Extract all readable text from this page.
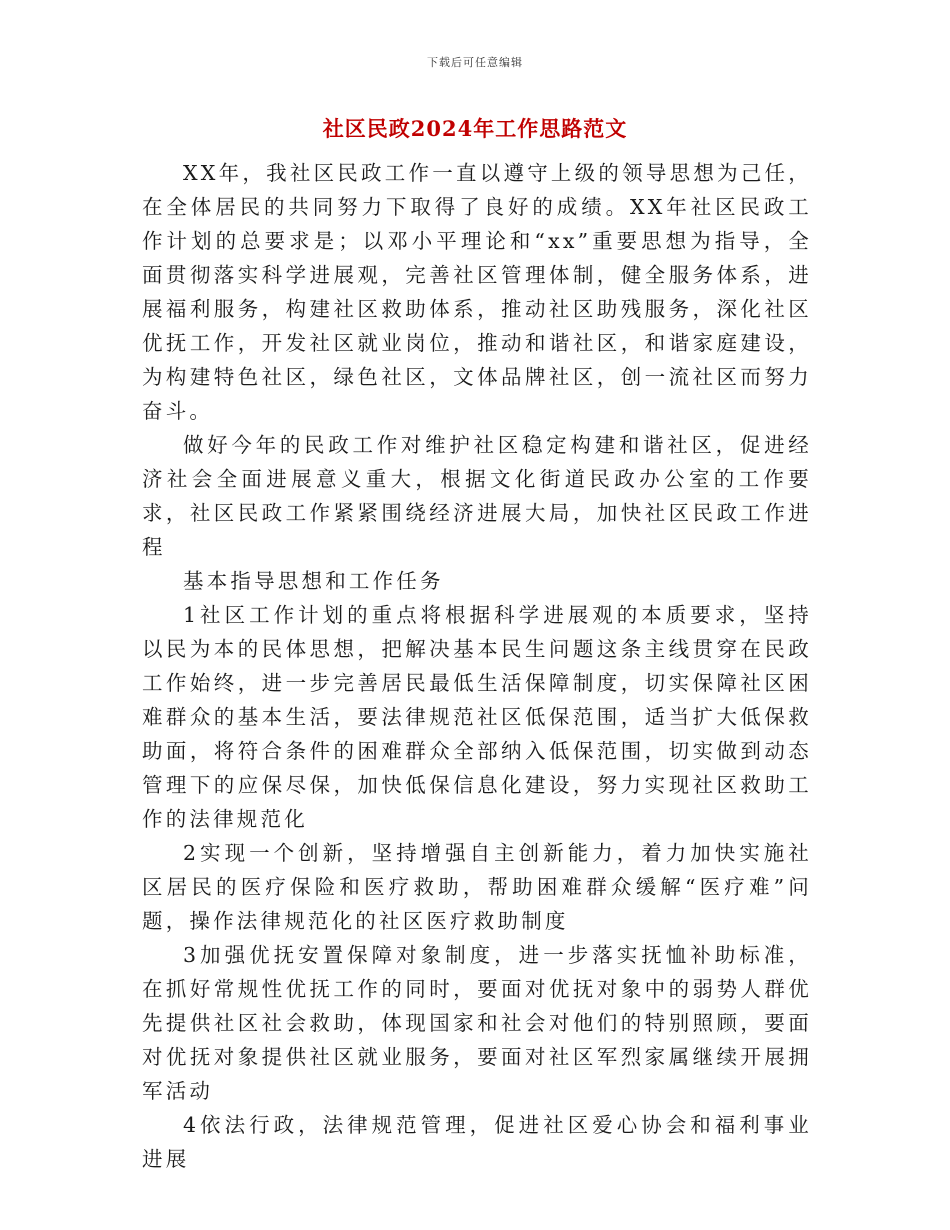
下载后可任意编辑
社区民政2024年工作思路范文

XX年，我社区民政工作一直以遵守上级的领导思想为己任，在全体居民的共同努力下取得了良好的成绩。XX年社区民政工作计划的总要求是；以邓小平理论和“xx”重要思想为指导，全面贯彻落实科学进展观，完善社区管理体制，健全服务体系，进展福利服务，构建社区救助体系，推动社区助残服务，深化社区优抚工作，开发社区就业岗位，推动和谐社区，和谐家庭建设，为构建特色社区，绿色社区，文体品牌社区，创一流社区而努力奋斗。

做好今年的民政工作对维护社区稳定构建和谐社区，促进经济社会全面进展意义重大，根据文化街道民政办公室的工作要求，社区民政工作紧紧围绕经济进展大局，加快社区民政工作进程

基本指导思想和工作任务

1社区工作计划的重点将根据科学进展观的本质要求，坚持以民为本的民体思想，把解决基本民生问题这条主线贯穿在民政工作始终，进一步完善居民最低生活保障制度，切实保障社区困难群众的基本生活，要法律规范社区低保范围，适当扩大低保救助面，将符合条件的困难群众全部纳入低保范围，切实做到动态管理下的应保尽保，加快低保信息化建设，努力实现社区救助工作的法律规范化

2实现一个创新，坚持增强自主创新能力，着力加快实施社区居民的医疗保险和医疗救助，帮助困难群众缓解“医疗难”问题，操作法律规范化的社区医疗救助制度

3加强优抚安置保障对象制度，进一步落实抚恤补助标准，在抓好常规性优抚工作的同时，要面对优抚对象中的弱势人群优先提供社区社会救助，体现国家和社会对他们的特别照顾，要面对优抚对象提供社区就业服务，要面对社区军烈家属继续开展拥军活动

4依法行政，法律规范管理，促进社区爱心协会和福利事业进展
